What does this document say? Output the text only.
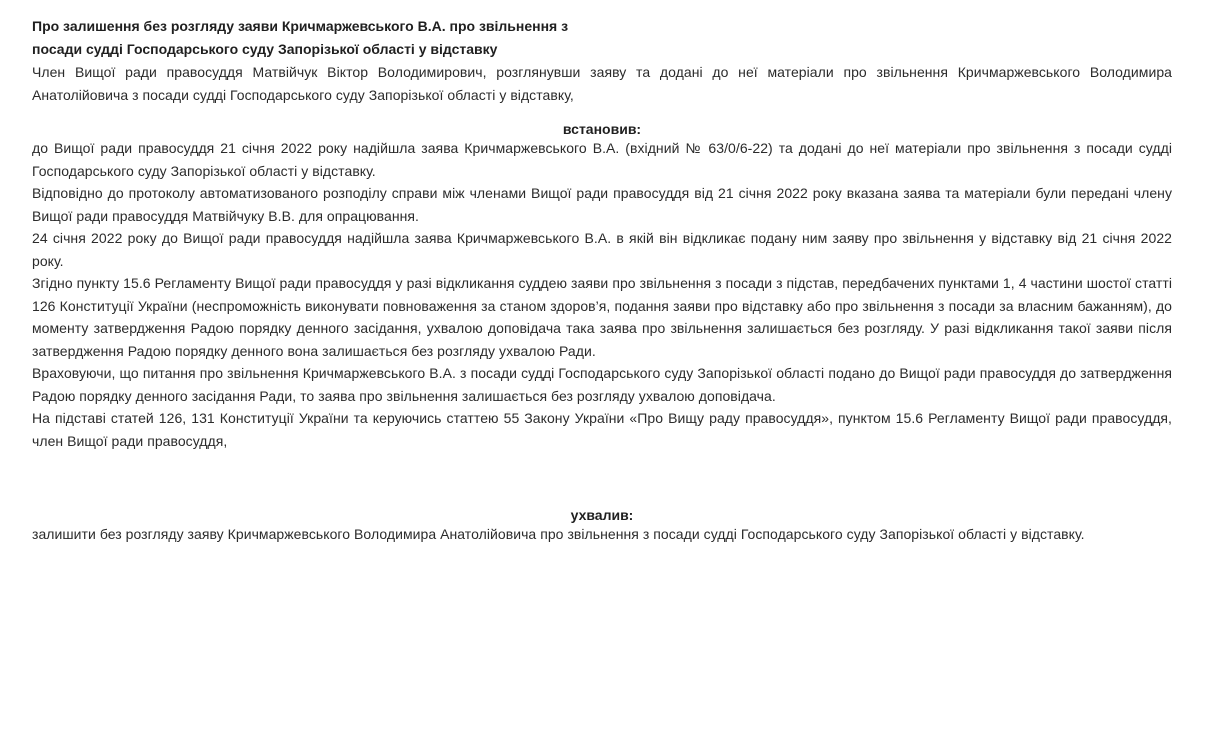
Про залишення без розгляду заяви Кричмаржевського В.А. про звільнення з
посади судді Господарського суду Запорізької області у відставку

Член Вищої ради правосуддя Матвійчук Віктор Володимирович, розглянувши заяву та додані до неї матеріали про звільнення Кричмаржевського Володимира Анатолійовича з посади судді Господарського суду Запорізької області у відставку,

встановив:

до Вищої ради правосуддя 21 січня 2022 року надійшла заява Кричмаржевського В.А. (вхідний № 63/0/6-22) та додані до неї матеріали про звільнення з посади судді Господарського суду Запорізької області у відставку.

Відповідно до протоколу автоматизованого розподілу справи між членами Вищої ради правосуддя від 21 січня 2022 року вказана заява та матеріали були передані члену Вищої ради правосуддя Матвійчуку В.В. для опрацювання.

24 січня 2022 року до Вищої ради правосуддя надійшла заява Кричмаржевського В.А. в якій він відкликає подану ним заяву про звільнення у відставку від 21 січня 2022 року.

Згідно пункту 15.6 Регламенту Вищої ради правосуддя у разі відкликання суддею заяви про звільнення з посади з підстав, передбачених пунктами 1, 4 частини шостої статті 126 Конституції України (неспроможність виконувати повноваження за станом здоров’я, подання заяви про відставку або про звільнення з посади за власним бажанням), до моменту затвердження Радою порядку денного засідання, ухвалою доповідача така заява про звільнення залишається без розгляду. У разі відкликання такої заяви після затвердження Радою порядку денного вона залишається без розгляду ухвалою Ради.

Враховуючи, що питання про звільнення Кричмаржевського В.А. з посади судді Господарського суду Запорізької області подано до Вищої ради правосуддя до затвердження Радою порядку денного засідання Ради, то заява про звільнення залишається без розгляду ухвалою доповідача.

На підставі статей 126, 131 Конституції України та керуючись статтею 55 Закону України «Про Вищу раду правосуддя», пунктом 15.6 Регламенту Вищої ради правосуддя, член Вищої ради правосуддя,

ухвалив:

залишити без розгляду заяву Кричмаржевського Володимира Анатолійовича про звільнення з посади судді Господарського суду Запорізької області у відставку.
